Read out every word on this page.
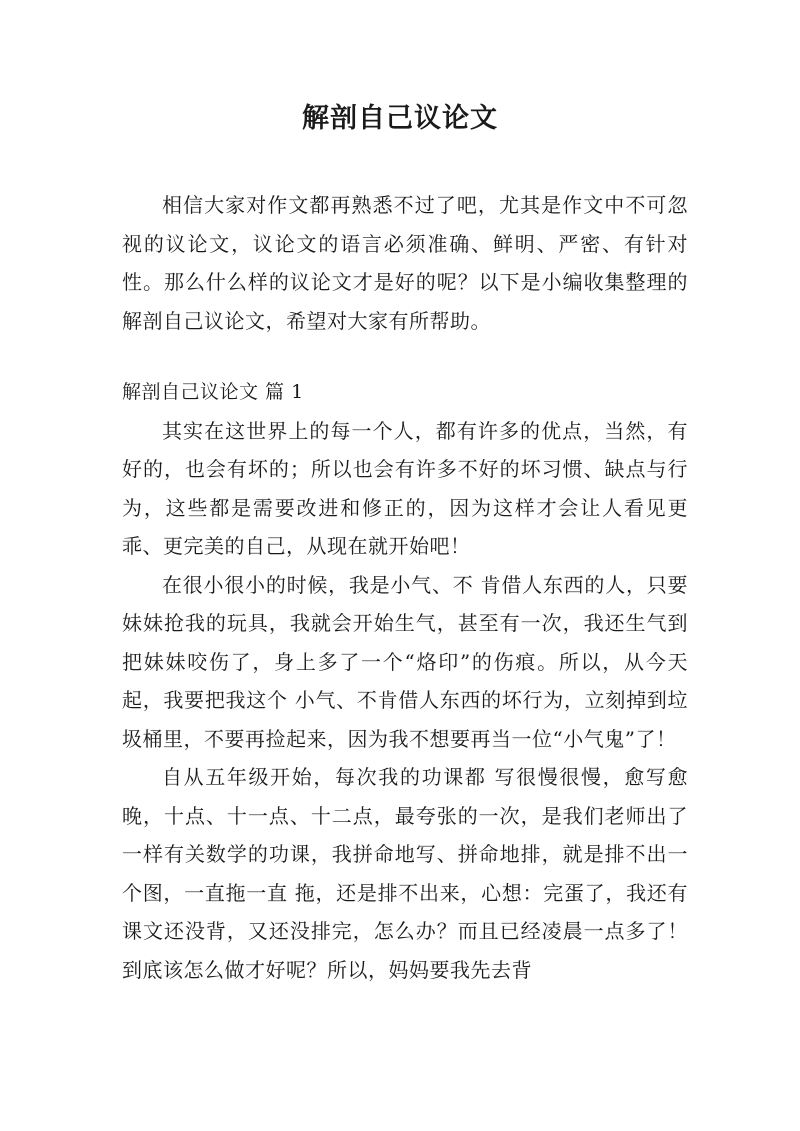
解剖自己议论文

相信大家对作文都再熟悉不过了吧，尤其是作文中不可忽视的议论文，议论文的语言必须准确、鲜明、严密、有针对性。那么什么样的议论文才是好的呢？以下是小编收集整理的解剖自己议论文，希望对大家有所帮助。

解剖自己议论文 篇 1

其实在这世界上的每一个人，都有许多的优点，当然，有好的，也会有坏的；所以也会有许多不好的坏习惯、缺点与行为，这些都是需要改进和修正的，因为这样才会让人看见更乖、更完美的自己，从现在就开始吧！

在很小很小的时候，我是小气、不 肯借人东西的人，只要妹妹抢我的玩具，我就会开始生气，甚至有一次，我还生气到把妹妹咬伤了，身上多了一个“烙印”的伤痕。所以，从今天起，我要把我这个 小气、不肯借人东西的坏行为，立刻掉到垃圾桶里，不要再捡起来，因为我不想要再当一位“小气鬼”了！

自从五年级开始，每次我的功课都 写很慢很慢，愈写愈晚，十点、十一点、十二点，最夸张的一次，是我们老师出了一样有关数学的功课，我拼命地写、拼命地排，就是排不出一个图，一直拖一直 拖，还是排不出来，心想：完蛋了，我还有课文还没背，又还没排完，怎么办？而且已经凌晨一点多了！到底该怎么做才好呢？所以，妈妈要我先去背
